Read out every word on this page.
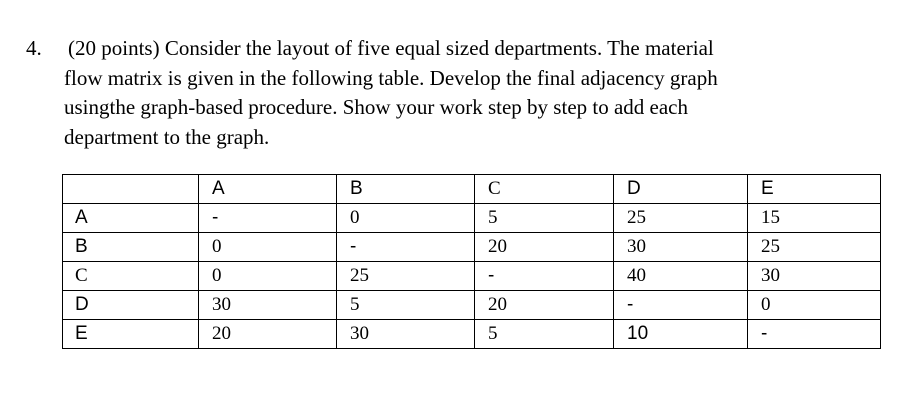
4.	(20 points) Consider the layout of five equal sized departments. The material
flow matrix is given in the following table. Develop the final adjacency graph
usingthe graph-based procedure. Show your work step by step to add each
department to the graph.
	A	B	C	D	E
A	-	0	5	25	15
B	0	-	20	30	25
C	0	25	-	40	30
D	30	5	20	-	0
E	20	30	5	10	-
